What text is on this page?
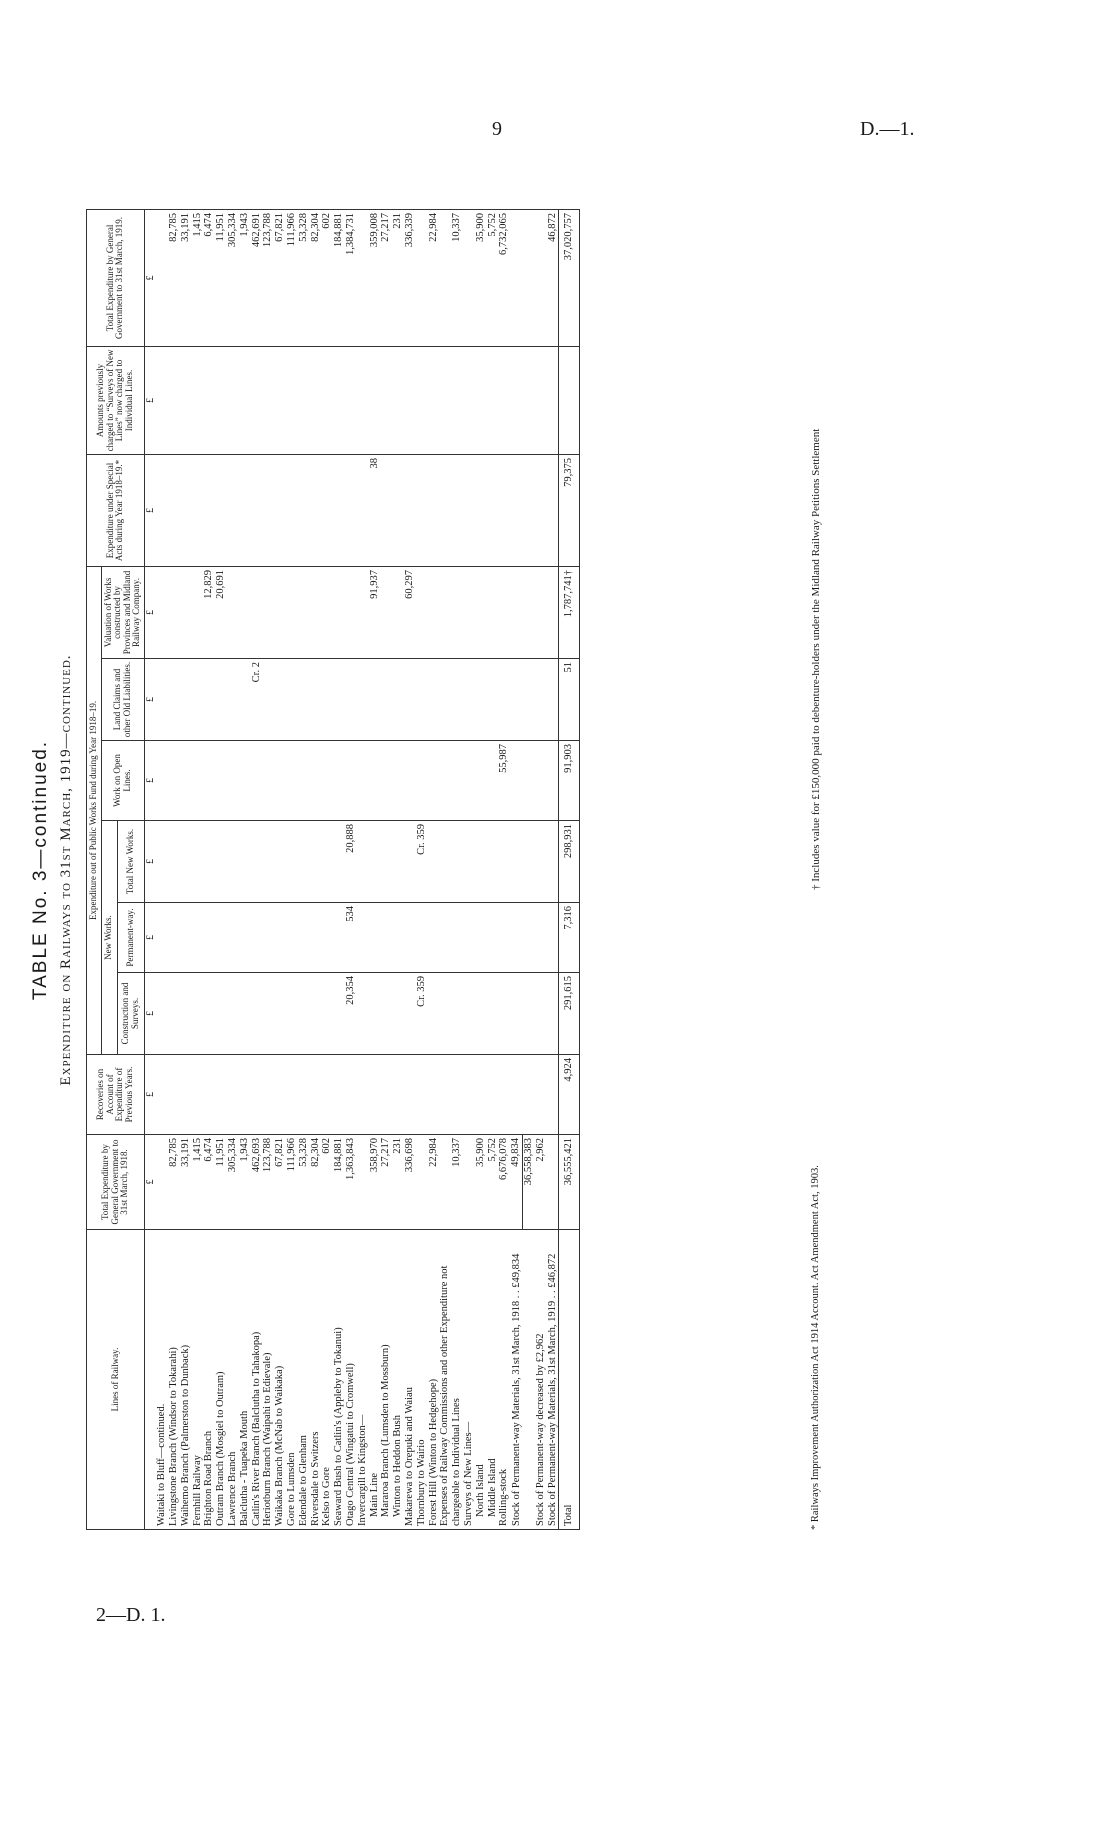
9	D.—1.
2—D. 1.
TABLE No. 3—continued. Expenditure on Railways to 31st March, 1919—continued.
Lines of Railway.	Total Expenditure by General Government to 31st March, 1918.	Recoveries on Account of Expenditure of Previous Years.	Expenditure out of Public Works Fund during Year 1918–19.						Expenditure under Special Acts during Year 1918–19.*	Amounts previously charged to “Surveys of New Lines” now charged to Individual Lines.	Total Expenditure by General Government to 31st March, 1919.
			New Works.			Work on Open Lines.	Land Claims and other Old Liabilities.	Valuation of Works constructed by Provinces and Midland Railway Company.			
			Construction and Surveys.	Permanent-way.	Total New Works.						
	£	£	£	£	£	£	£	£	£	£	£
Waitaki to Bluff—continued.											
Livingstone Branch (Windsor to Tokarahi)	82,785										82,785
Waihemo Branch (Palmerston to Dunback)	33,191										33,191
Fernhill Railway	1,415										1,415
Brighton Road Branch	6,474							12,829			6,474
Outram Branch (Mosgiel to Outram)	11,951							20,691			11,951
Lawrence Branch	305,334										305,334
Balclutha - Tuapeka Mouth	1,943										1,943
Catlin's River Branch (Balclutha to Tahakopa)	462,693						Cr. 2				462,691
Heriotburn Branch (Waipahi to Edievale)	123,788										123,788
Waikaka Branch (McNab to Waikaka)	67,821										67,821
Gore to Lumsden	111,966										111,966
Edendale to Glenham	53,328										53,328
Riversdale to Switzers	82,304										82,304
Kelso to Gore	602										602
Seaward Bush to Catlin's (Appleby to Tokanui)	184,881										184,881
Otago Central (Wingatui to Cromwell)	1,363,843		20,354	534	20,888						1,384,731
Invercargill to Kingston—											
Main Line	358,970							91,937	38		359,008
Mararoa Branch (Lumsden to Mossburn)	27,217										27,217
Winton to Heddon Bush	231										231
Makarewa to Orepuki and Waiau	336,698							60,297			336,339
Thornbury to Wairio			Cr. 359		Cr. 359						
Forest Hill (Winton to Hedgehope)	22,984										22,984
Expenses of Railway Commissions and other Expenditure not chargeable to Individual Lines	10,337										10,337
Surveys of New Lines—											
North Island	35,900										35,900
Middle Island	5,752										5,752
Rolling-stock	6,676,078					55,987					6,732,065
Stock of Permanent-way Materials, 31st March, 1918 . . £49,834	49,834										
	36,558,383										
Stock of Permanent-way decreased by £2,962	2,962										
Stock of Permanent-way Materials, 31st March, 1919 . . £46,872											46,872
Total	36,555,421	4,924	291,615	7,316	298,931	91,903	51	1,787,741†	79,375		37,020,757
* Railways Improvement Authorization Act 1914 Account. Act Amendment Act, 1903.
† Includes value for £150,000 paid to debenture-holders under the Midland Railway Petitions Settlement
